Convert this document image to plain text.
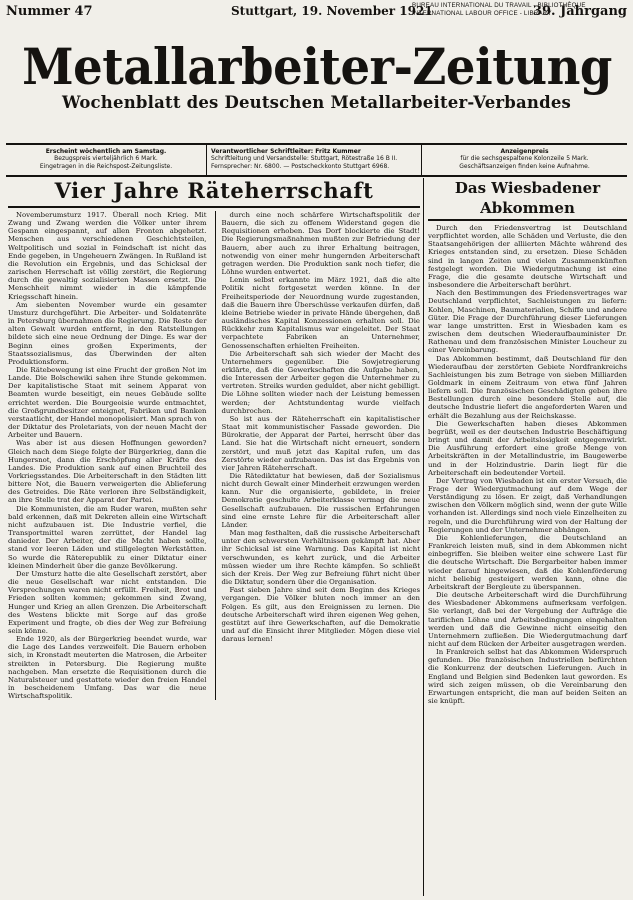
Nummer 47	Stuttgart, 19. November 1921
BUREAU INTERNATIONAL DU TRAVAIL - BIBLIOTHÈQUE
INTERNATIONAL LABOUR OFFICE - LIBRARY
39. Jahrgang
Metallarbeiter-Zeitung
Wochenblatt des Deutschen Metallarbeiter-Verbandes
Erscheint wöchentlich am Samstag.
Bezugspreis vierteljährlich 6 Mark.
Eingetragen in die Reichspost-Zeitungsliste.
Verantwortlicher Schriftleiter: Fritz Kummer
Schriftleitung und Versandstelle: Stuttgart, Rötestraße 16 B II.
Fernsprecher: Nr. 6800. — Postscheckkonto Stuttgart 6968.
Anzeigenpreis
für die sechsgespaltene Kolonzeile 5 Mark.
Geschäftsanzeigen finden keine Aufnahme.
Vier Jahre Räteherrschaft

Novemberumsturz 1917. Überall noch Krieg. Mit Zwang und Zwang werden die Völker unter ihrem Gespann eingespannt, auf allen Fronten abgehetzt. Menschen aus verschiedenen Geschichtsteilen, Weltpolitisch und sozial in Feindschaft ist nicht das Ende gegeben, in Ungeheuern Zwängen. In Rußland ist die Revolution ein Ergebnis, und das Schicksal der zarischen Herrschaft ist völlig zerstört, die Regierung durch die gewaltig sozialisierten Massen ersetzt. Die Menschheit nimmt wieder in die kämpfende Kriegsschaft hinein.

Am siebenten November wurde ein gesamter Umsturz durchgeführt. Die Arbeiter- und Soldatenräte in Petersburg übernahmen die Regierung. Die Reste der alten Gewalt wurden entfernt, in den Ratstellungen bildete sich eine neue Ordnung der Dinge. Es war der Beginn eines großen Experiments, der Staatssozialismus, das Überwinden der alten Produktionsform.

Die Rätebewegung ist eine Frucht der großen Not im Lande. Die Bolschewiki sahen ihre Stunde gekommen. Der kapitalistische Staat mit seinem Apparat von Beamten wurde beseitigt, ein neues Gebäude sollte errichtet werden. Die Bourgeoisie wurde entmachtet, die Großgrundbesitzer enteignet, Fabriken und Banken verstaatlicht, der Handel monopolisiert. Man sprach von der Diktatur des Proletariats, von der neuen Macht der Arbeiter und Bauern.

Was aber ist aus diesen Hoffnungen geworden? Gleich nach dem Siege folgte der Bürgerkrieg, dann die Hungersnot, dann die Erschöpfung aller Kräfte des Landes. Die Produktion sank auf einen Bruchteil des Vorkriegsstandes. Die Arbeiterschaft in den Städten litt bittere Not, die Bauern verweigerten die Ablieferung des Getreides. Die Räte verloren ihre Selbständigkeit, an ihre Stelle trat der Apparat der Partei.

Die Kommunisten, die am Ruder waren, mußten sehr bald erkennen, daß mit Dekreten allein eine Wirtschaft nicht aufzubauen ist. Die Industrie verfiel, die Transportmittel waren zerrüttet, der Handel lag danieder. Der Arbeiter, der die Macht haben sollte, stand vor leeren Läden und stillgelegten Werkstätten. So wurde die Räterepublik zu einer Diktatur einer kleinen Minderheit über die ganze Bevölkerung.

Der Umsturz hatte die alte Gesellschaft zerstört, aber die neue Gesellschaft war nicht entstanden. Die Versprechungen waren nicht erfüllt. Freiheit, Brot und Frieden sollten kommen; gekommen sind Zwang, Hunger und Krieg an allen Grenzen. Die Arbeiterschaft des Westens blickte mit Sorge auf das große Experiment und fragte, ob dies der Weg zur Befreiung sein könne.

Ende 1920, als der Bürgerkrieg beendet wurde, war die Lage des Landes verzweifelt. Die Bauern erhoben sich, in Kronstadt meuterten die Matrosen, die Arbeiter streikten in Petersburg. Die Regierung mußte nachgeben. Man ersetzte die Requisitionen durch die Naturalsteuer und gestattete wieder den freien Handel in bescheidenem Umfang. Das war die neue Wirtschaftspolitik.

durch eine noch schärfere Wirtschaftspolitik der Bauern, die sich zu offenem Widerstand gegen die Requisitionen erhoben. Das Dorf blockierte die Stadt! Die Regierungsmaßnahmen mußten zur Befriedung der Bauern, aber auch zu ihrer Erhaltung beitragen, notwendig von einer mehr hungernden Arbeiterschaft getragen werden. Die Produktion sank noch tiefer, die Löhne wurden entwertet.

Lenin selbst erkannte im März 1921, daß die alte Politik nicht fortgesetzt werden könne. In der Freiheitsperiode der Neuordnung wurde zugestanden, daß die Bauern ihre Überschüsse verkaufen dürfen, daß kleine Betriebe wieder in private Hände übergehen, daß ausländisches Kapital Konzessionen erhalten soll. Die Rückkehr zum Kapitalismus war eingeleitet. Der Staat verpachtete Fabriken an Unternehmer, Genossenschaften erhielten Freiheiten.

Die Arbeiterschaft sah sich wieder der Macht des Unternehmers gegenüber. Die Sowjetregierung erklärte, daß die Gewerkschaften die Aufgabe haben, die Interessen der Arbeiter gegen die Unternehmer zu vertreten. Streiks wurden geduldet, aber nicht gebilligt. Die Löhne sollten wieder nach der Leistung bemessen werden; der Achtstundentag wurde vielfach durchbrochen.

So ist aus der Räteherrschaft ein kapitalistischer Staat mit kommunistischer Fassade geworden. Die Bürokratie, der Apparat der Partei, herrscht über das Land. Sie hat die Wirtschaft nicht erneuert, sondern zerstört, und muß jetzt das Kapital rufen, um das Zerstörte wieder aufzubauen. Das ist das Ergebnis von vier Jahren Räteherrschaft.

Die Rätediktatur hat bewiesen, daß der Sozialismus nicht durch Gewalt einer Minderheit erzwungen werden kann. Nur die organisierte, gebildete, in freier Demokratie geschulte Arbeiterklasse vermag die neue Gesellschaft aufzubauen. Die russischen Erfahrungen sind eine ernste Lehre für die Arbeiterschaft aller Länder.

Man mag festhalten, daß die russische Arbeiterschaft unter den schwersten Verhältnissen gekämpft hat. Aber ihr Schicksal ist eine Warnung. Das Kapital ist nicht verschwunden, es kehrt zurück, und die Arbeiter müssen wieder um ihre Rechte kämpfen. So schließt sich der Kreis. Der Weg zur Befreiung führt nicht über die Diktatur, sondern über die Organisation.

Fast sieben Jahre sind seit dem Beginn des Krieges vergangen. Die Völker bluten noch immer an den Folgen. Es gilt, aus den Ereignissen zu lernen. Die deutsche Arbeiterschaft wird ihren eigenen Weg gehen, gestützt auf ihre Gewerkschaften, auf die Demokratie und auf die Einsicht ihrer Mitglieder. Mögen diese viel daraus lernen!

Das Wiesbadener Abkommen

Durch den Friedensvertrag ist Deutschland verpflichtet worden, alle Schäden und Verluste, die den Staatsangehörigen der alliierten Mächte während des Krieges entstanden sind, zu ersetzen. Diese Schäden sind in langen Zeiten und vielen Zusammenkünften festgelegt worden. Die Wiedergutmachung ist eine Frage, die die gesamte deutsche Wirtschaft und insbesondere die Arbeiterschaft berührt.

Nach den Bestimmungen des Friedensvertrages war Deutschland verpflichtet, Sachleistungen zu liefern: Kohlen, Maschinen, Baumaterialien, Schiffe und andere Güter. Die Frage der Durchführung dieser Lieferungen war lange umstritten. Erst in Wiesbaden kam es zwischen dem deutschen Wiederaufbauminister Dr. Rathenau und dem französischen Minister Loucheur zu einer Vereinbarung.

Das Abkommen bestimmt, daß Deutschland für den Wiederaufbau der zerstörten Gebiete Nordfrankreichs Sachleistungen bis zum Betrage von sieben Milliarden Goldmark in einem Zeitraum von etwa fünf Jahren liefern soll. Die französischen Geschädigten geben ihre Bestellungen durch eine besondere Stelle auf, die deutsche Industrie liefert die angeforderten Waren und erhält die Bezahlung aus der Reichskasse.

Die Gewerkschaften haben dieses Abkommen begrüßt, weil es der deutschen Industrie Beschäftigung bringt und damit der Arbeitslosigkeit entgegenwirkt. Die Ausführung erfordert eine große Menge von Arbeitskräften in der Metallindustrie, im Baugewerbe und in der Holzindustrie. Darin liegt für die Arbeiterschaft ein bedeutender Vorteil.

Der Vertrag von Wiesbaden ist ein erster Versuch, die Frage der Wiedergutmachung auf dem Wege der Verständigung zu lösen. Er zeigt, daß Verhandlungen zwischen den Völkern möglich sind, wenn der gute Wille vorhanden ist. Allerdings sind noch viele Einzelheiten zu regeln, und die Durchführung wird von der Haltung der Regierungen und der Unternehmer abhängen.

Die Kohlenlieferungen, die Deutschland an Frankreich leisten muß, sind in dem Abkommen nicht einbegriffen. Sie bleiben weiter eine schwere Last für die deutsche Wirtschaft. Die Bergarbeiter haben immer wieder darauf hingewiesen, daß die Kohlenförderung nicht beliebig gesteigert werden kann, ohne die Arbeitskraft der Bergleute zu überspannen.

Die deutsche Arbeiterschaft wird die Durchführung des Wiesbadener Abkommens aufmerksam verfolgen. Sie verlangt, daß bei der Vergebung der Aufträge die tariflichen Löhne und Arbeitsbedingungen eingehalten werden und daß die Gewinne nicht einseitig den Unternehmern zufließen. Die Wiedergutmachung darf nicht auf dem Rücken der Arbeiter ausgetragen werden.

In Frankreich selbst hat das Abkommen Widerspruch gefunden. Die französischen Industriellen befürchten die Konkurrenz der deutschen Lieferungen. Auch in England und Belgien sind Bedenken laut geworden. Es wird sich zeigen müssen, ob die Vereinbarung den Erwartungen entspricht, die man auf beiden Seiten an sie knüpft.
